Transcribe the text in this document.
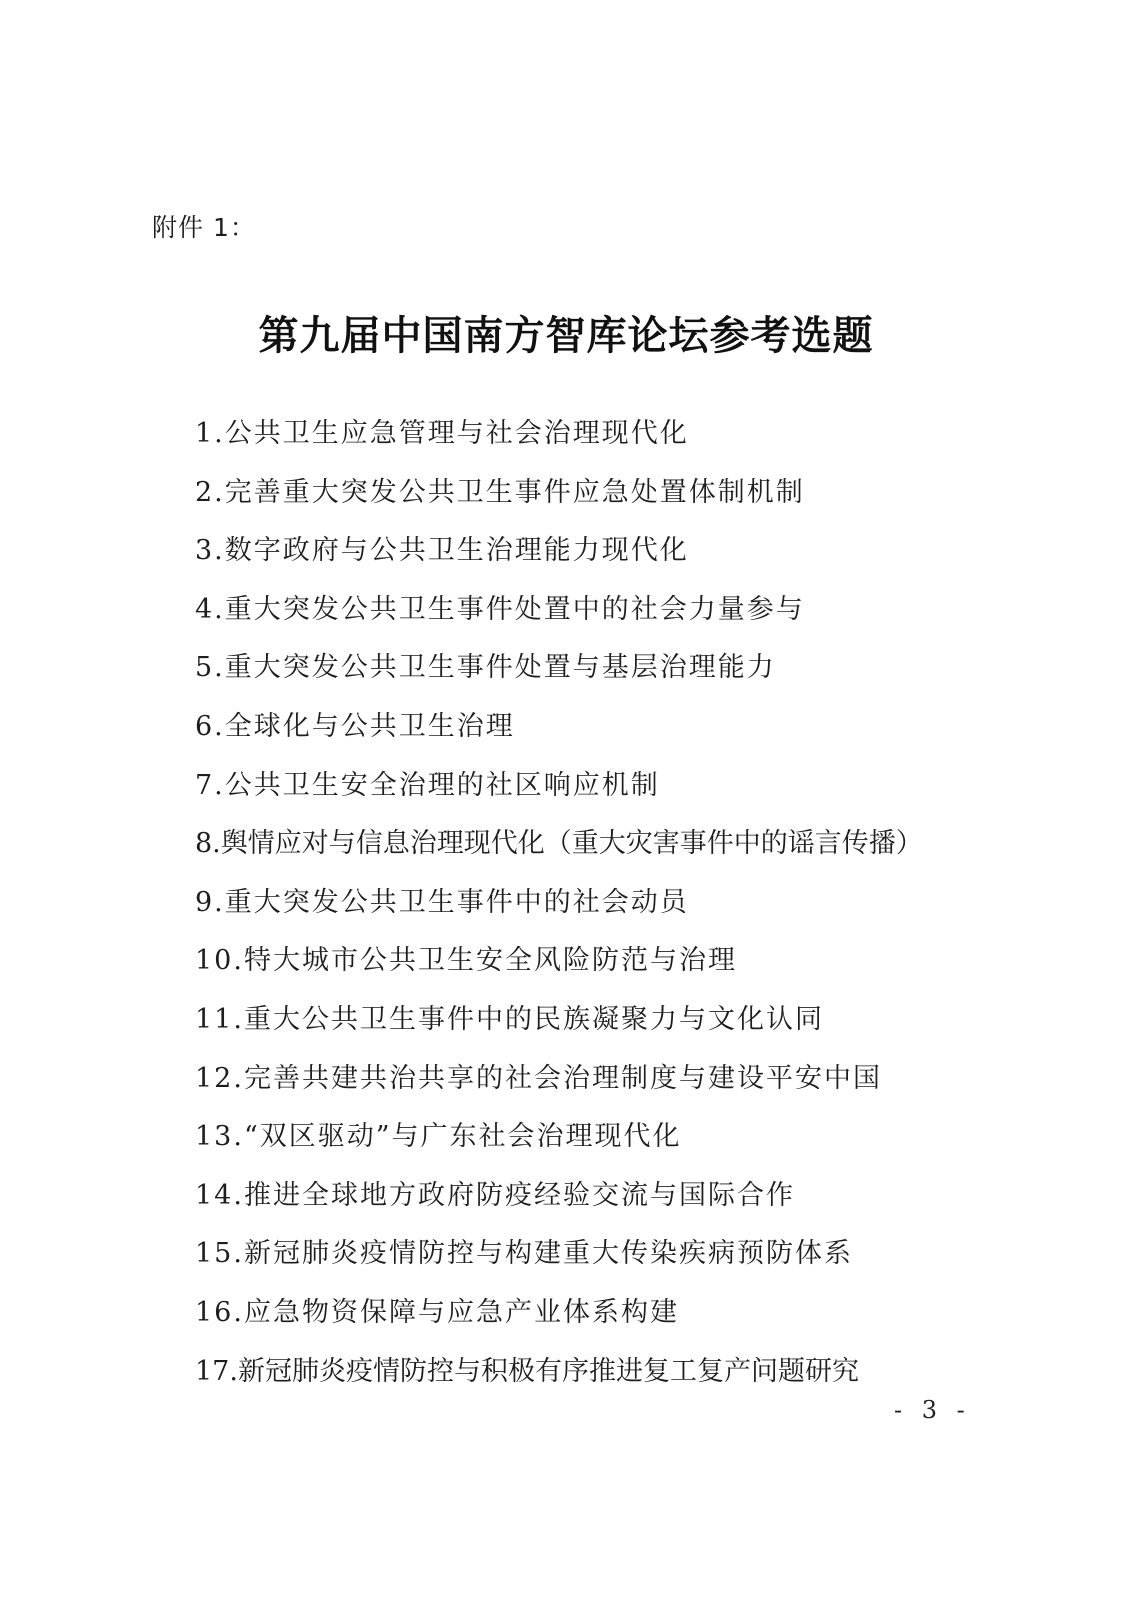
附件 1：
第九届中国南方智库论坛参考选题
1.公共卫生应急管理与社会治理现代化
2.完善重大突发公共卫生事件应急处置体制机制
3.数字政府与公共卫生治理能力现代化
4.重大突发公共卫生事件处置中的社会力量参与
5.重大突发公共卫生事件处置与基层治理能力
6.全球化与公共卫生治理
7.公共卫生安全治理的社区响应机制
8.舆情应对与信息治理现代化（重大灾害事件中的谣言传播）
9.重大突发公共卫生事件中的社会动员
10.特大城市公共卫生安全风险防范与治理
11.重大公共卫生事件中的民族凝聚力与文化认同
12.完善共建共治共享的社会治理制度与建设平安中国
13.“双区驱动”与广东社会治理现代化
14.推进全球地方政府防疫经验交流与国际合作
15.新冠肺炎疫情防控与构建重大传染疾病预防体系
16.应急物资保障与应急产业体系构建
17.新冠肺炎疫情防控与积极有序推进复工复产问题研究
- 3 -
